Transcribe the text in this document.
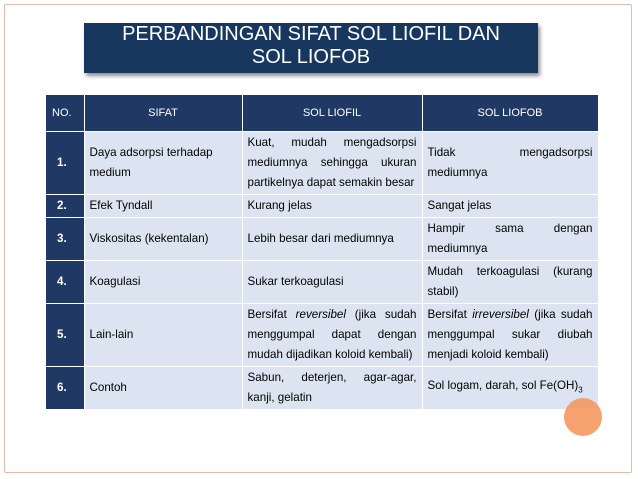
PERBANDINGAN SIFAT SOL LIOFIL DAN
SOL LIOFOB
NO.	SIFAT	SOL LIOFIL	SOL LIOFOB
1.	Daya adsorpsi terhadap medium	Kuat, mudah mengadsorpsi mediumnya sehingga ukuran partikelnya dapat semakin besar	Tidak mengadsorpsi
mediumnya

2.	Efek Tyndall	Kurang jelas	Sangat jelas
3.	Viskositas (kekentalan)	Lebih besar dari mediumnya	Hampir sama dengan mediumnya
4.	Koagulasi	Sukar terkoagulasi	Mudah terkoagulasi (kurang stabil)
5.	Lain-lain	Bersifat reversibel (jika sudah menggumpal dapat dengan mudah dijadikan koloid kembali)	Bersifat irreversibel (jika sudah menggumpal sukar diubah menjadi koloid kembali)
6.	Contoh	Sabun, deterjen, agar-agar, kanji, gelatin	Sol logam, darah, sol $Fe(OH)_3$
